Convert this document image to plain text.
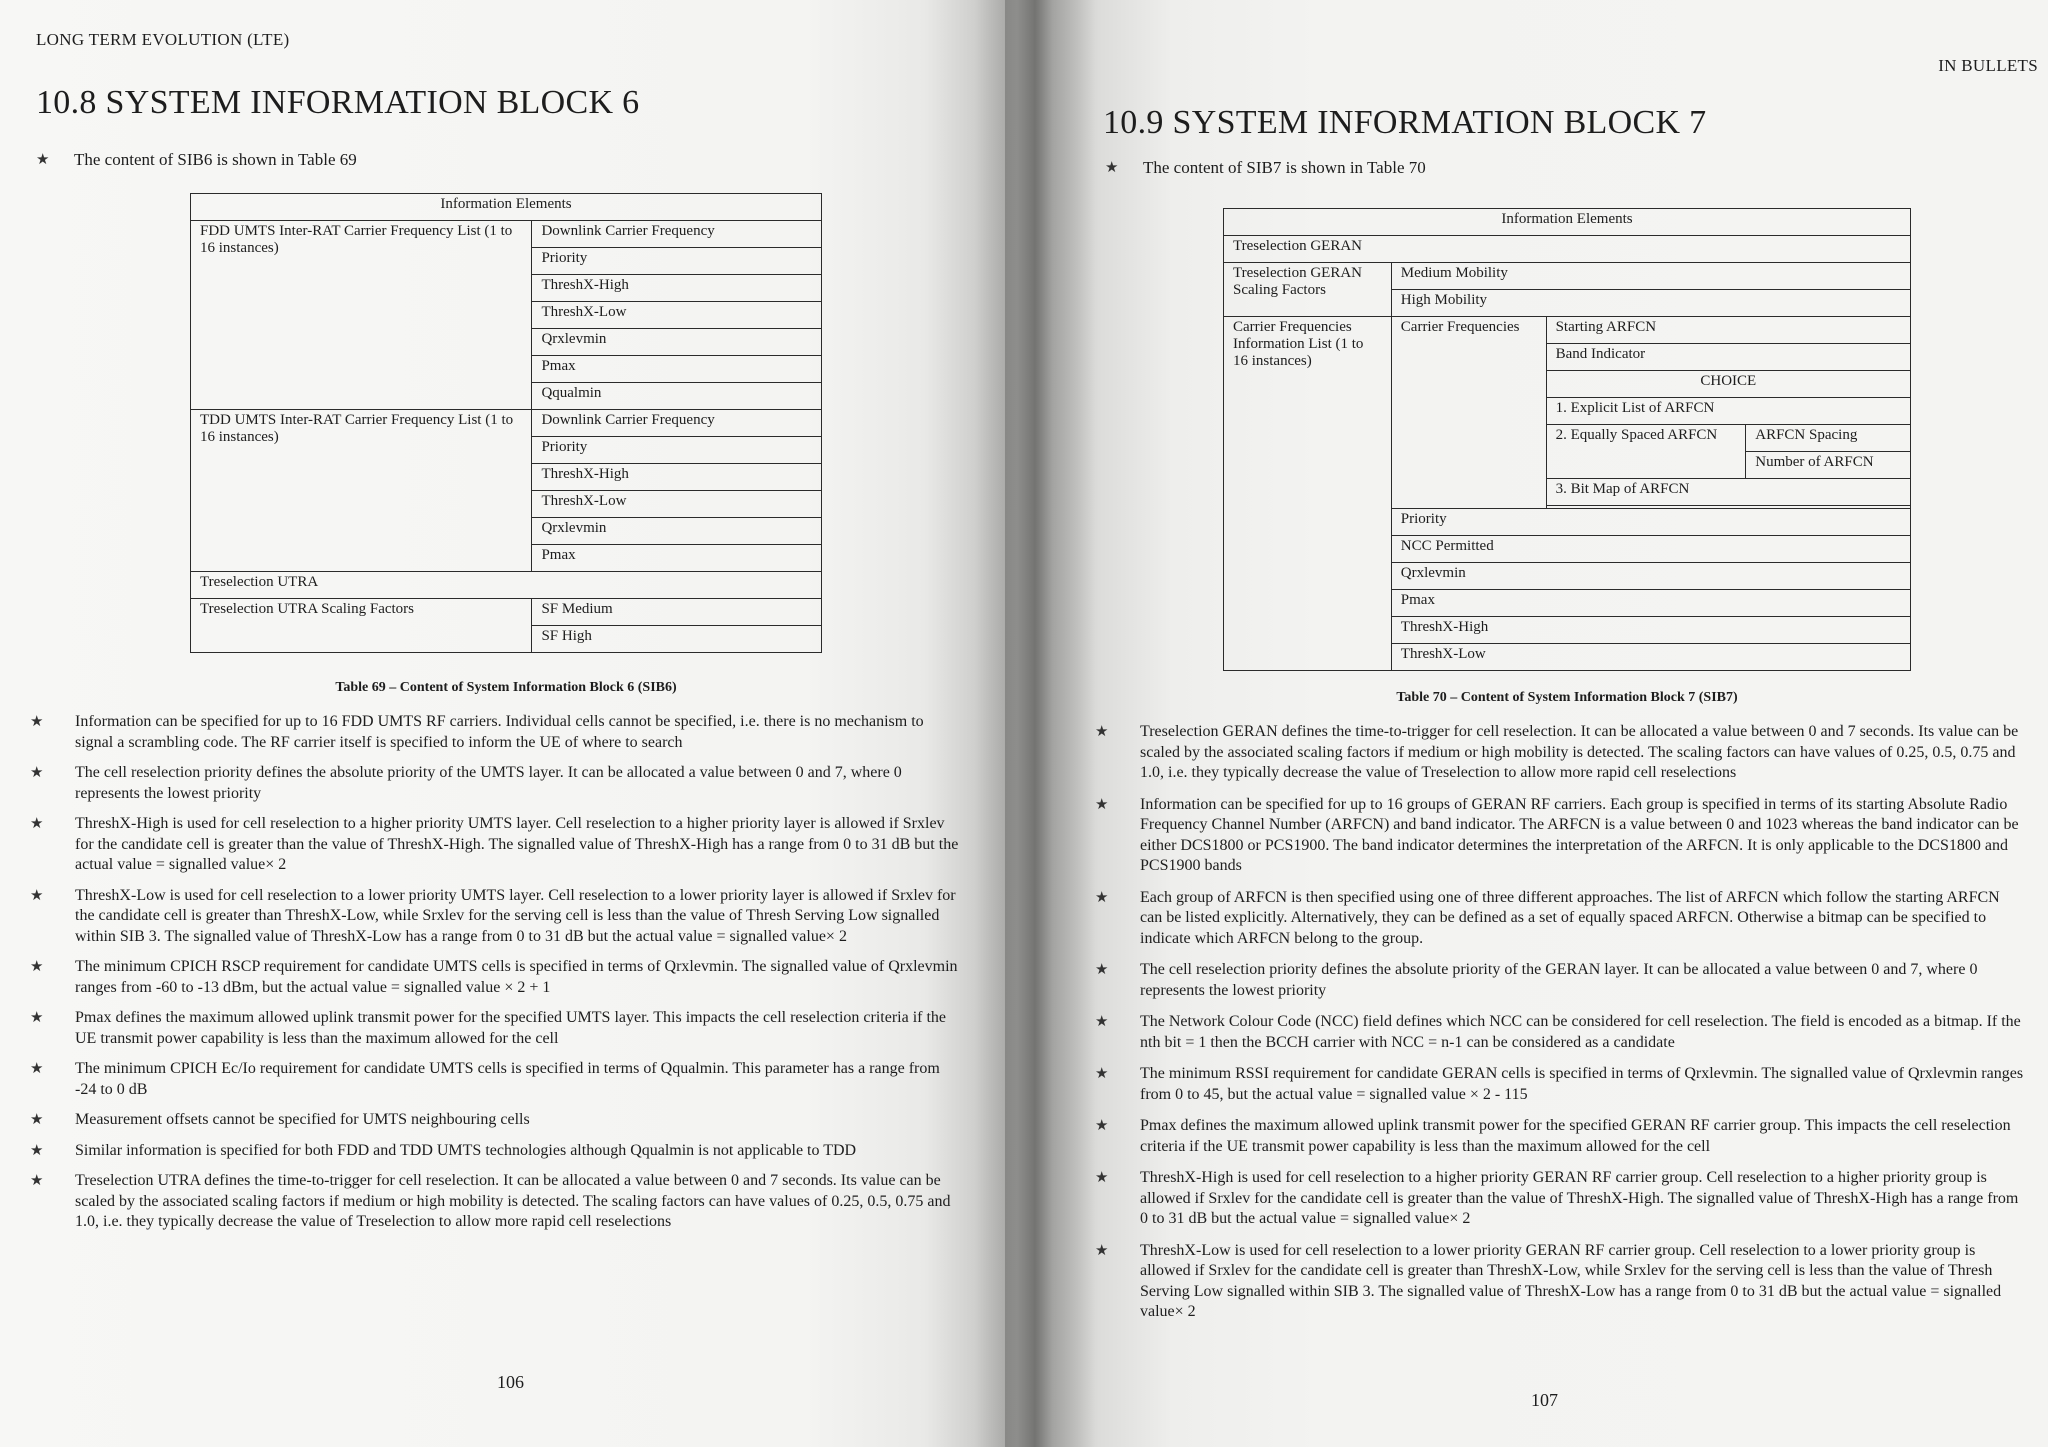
LONG TERM EVOLUTION (LTE)
10.8 SYSTEM INFORMATION BLOCK 6
★ The content of SIB6 is shown in Table 69
Information Elements	
FDD UMTS Inter-RAT Carrier Frequency List (1 to 16 instances)	Downlink Carrier Frequency
	Priority
	ThreshX-High
	ThreshX-Low
	Qrxlevmin
	Pmax
	Qqualmin
TDD UMTS Inter-RAT Carrier Frequency List (1 to 16 instances)	Downlink Carrier Frequency
	Priority
	ThreshX-High
	ThreshX-Low
	Qrxlevmin
	Pmax
Treselection UTRA	
Treselection UTRA Scaling Factors	SF Medium
	SF High
Table 69 – Content of System Information Block 6 (SIB6)
★ Information can be specified for up to 16 FDD UMTS RF carriers. Individual cells cannot be specified, i.e. there is no mechanism to signal a scrambling code. The RF carrier itself is specified to inform the UE of where to search
★ The cell reselection priority defines the absolute priority of the UMTS layer. It can be allocated a value between 0 and 7, where 0 represents the lowest priority
★ ThreshX-High is used for cell reselection to a higher priority UMTS layer. Cell reselection to a higher priority layer is allowed if Srxlev for the candidate cell is greater than the value of ThreshX-High. The signalled value of ThreshX-High has a range from 0 to 31 dB but the actual value = signalled value× 2
★ ThreshX-Low is used for cell reselection to a lower priority UMTS layer. Cell reselection to a lower priority layer is allowed if Srxlev for the candidate cell is greater than ThreshX-Low, while Srxlev for the serving cell is less than the value of Thresh Serving Low signalled within SIB 3. The signalled value of ThreshX-Low has a range from 0 to 31 dB but the actual value = signalled value× 2
★ The minimum CPICH RSCP requirement for candidate UMTS cells is specified in terms of Qrxlevmin. The signalled value of Qrxlevmin ranges from -60 to -13 dBm, but the actual value = signalled value × 2 + 1
★ Pmax defines the maximum allowed uplink transmit power for the specified UMTS layer. This impacts the cell reselection criteria if the UE transmit power capability is less than the maximum allowed for the cell
★ The minimum CPICH Ec/Io requirement for candidate UMTS cells is specified in terms of Qqualmin. This parameter has a range from -24 to 0 dB
★ Measurement offsets cannot be specified for UMTS neighbouring cells
★ Similar information is specified for both FDD and TDD UMTS technologies although Qqualmin is not applicable to TDD
★ Treselection UTRA defines the time-to-trigger for cell reselection. It can be allocated a value between 0 and 7 seconds. Its value can be scaled by the associated scaling factors if medium or high mobility is detected. The scaling factors can have values of 0.25, 0.5, 0.75 and 1.0, i.e. they typically decrease the value of Treselection to allow more rapid cell reselections
106
IN BULLETS
10.9 SYSTEM INFORMATION BLOCK 7
★ The content of SIB7 is shown in Table 70
Information Elements			
Treselection GERAN			
Treselection GERAN Scaling Factors	Medium Mobility		
	High Mobility		
Carrier Frequencies Information List (1 to 16 instances)	Carrier Frequencies	Starting ARFCN	
		Band Indicator	
		CHOICE	
		1. Explicit List of ARFCN	
		2. Equally Spaced ARFCN	ARFCN Spacing
			Number of ARFCN
		3. Bit Map of ARFCN	

	Priority		
	NCC Permitted		
	Qrxlevmin		
	Pmax		
	ThreshX-High		
	ThreshX-Low		
Table 70 – Content of System Information Block 7 (SIB7)
★ Treselection GERAN defines the time-to-trigger for cell reselection. It can be allocated a value between 0 and 7 seconds. Its value can be scaled by the associated scaling factors if medium or high mobility is detected. The scaling factors can have values of 0.25, 0.5, 0.75 and 1.0, i.e. they typically decrease the value of Treselection to allow more rapid cell reselections
★ Information can be specified for up to 16 groups of GERAN RF carriers. Each group is specified in terms of its starting Absolute Radio Frequency Channel Number (ARFCN) and band indicator. The ARFCN is a value between 0 and 1023 whereas the band indicator can be either DCS1800 or PCS1900. The band indicator determines the interpretation of the ARFCN. It is only applicable to the DCS1800 and PCS1900 bands
★ Each group of ARFCN is then specified using one of three different approaches. The list of ARFCN which follow the starting ARFCN can be listed explicitly. Alternatively, they can be defined as a set of equally spaced ARFCN. Otherwise a bitmap can be specified to indicate which ARFCN belong to the group.
★ The cell reselection priority defines the absolute priority of the GERAN layer. It can be allocated a value between 0 and 7, where 0 represents the lowest priority
★ The Network Colour Code (NCC) field defines which NCC can be considered for cell reselection. The field is encoded as a bitmap. If the nth bit = 1 then the BCCH carrier with NCC = n-1 can be considered as a candidate
★ The minimum RSSI requirement for candidate GERAN cells is specified in terms of Qrxlevmin. The signalled value of Qrxlevmin ranges from 0 to 45, but the actual value = signalled value × 2 - 115
★ Pmax defines the maximum allowed uplink transmit power for the specified GERAN RF carrier group. This impacts the cell reselection criteria if the UE transmit power capability is less than the maximum allowed for the cell
★ ThreshX-High is used for cell reselection to a higher priority GERAN RF carrier group. Cell reselection to a higher priority group is allowed if Srxlev for the candidate cell is greater than the value of ThreshX-High. The signalled value of ThreshX-High has a range from 0 to 31 dB but the actual value = signalled value× 2
★ ThreshX-Low is used for cell reselection to a lower priority GERAN RF carrier group. Cell reselection to a lower priority group is allowed if Srxlev for the candidate cell is greater than ThreshX-Low, while Srxlev for the serving cell is less than the value of Thresh Serving Low signalled within SIB 3. The signalled value of ThreshX-Low has a range from 0 to 31 dB but the actual value = signalled value× 2
107
